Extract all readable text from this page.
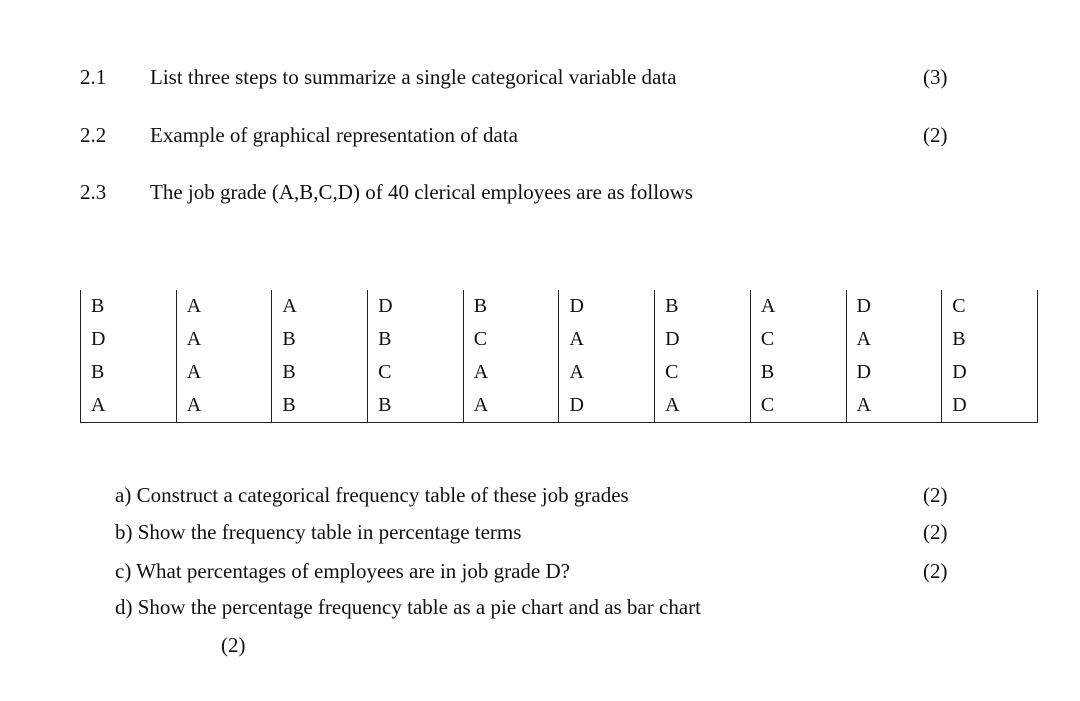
2.1 List three steps to summarize a single categorical variable data	(3)
2.2 Example of graphical representation of data	(2)
2.3 The job grade (A,B,C,D) of 40 clerical employees are as follows
B	A	A	D	B	D	B	A	D	C
D	A	B	B	C	A	D	C	A	B
B	A	B	C	A	A	C	B	D	D
A	A	B	B	A	D	A	C	A	D
a) Construct a categorical frequency table of these job grades	(2)
b) Show the frequency table in percentage terms	(2)
c) What percentages of employees are in job grade D?	(2)
d) Show the percentage frequency table as a pie chart and as bar chart
(2)
